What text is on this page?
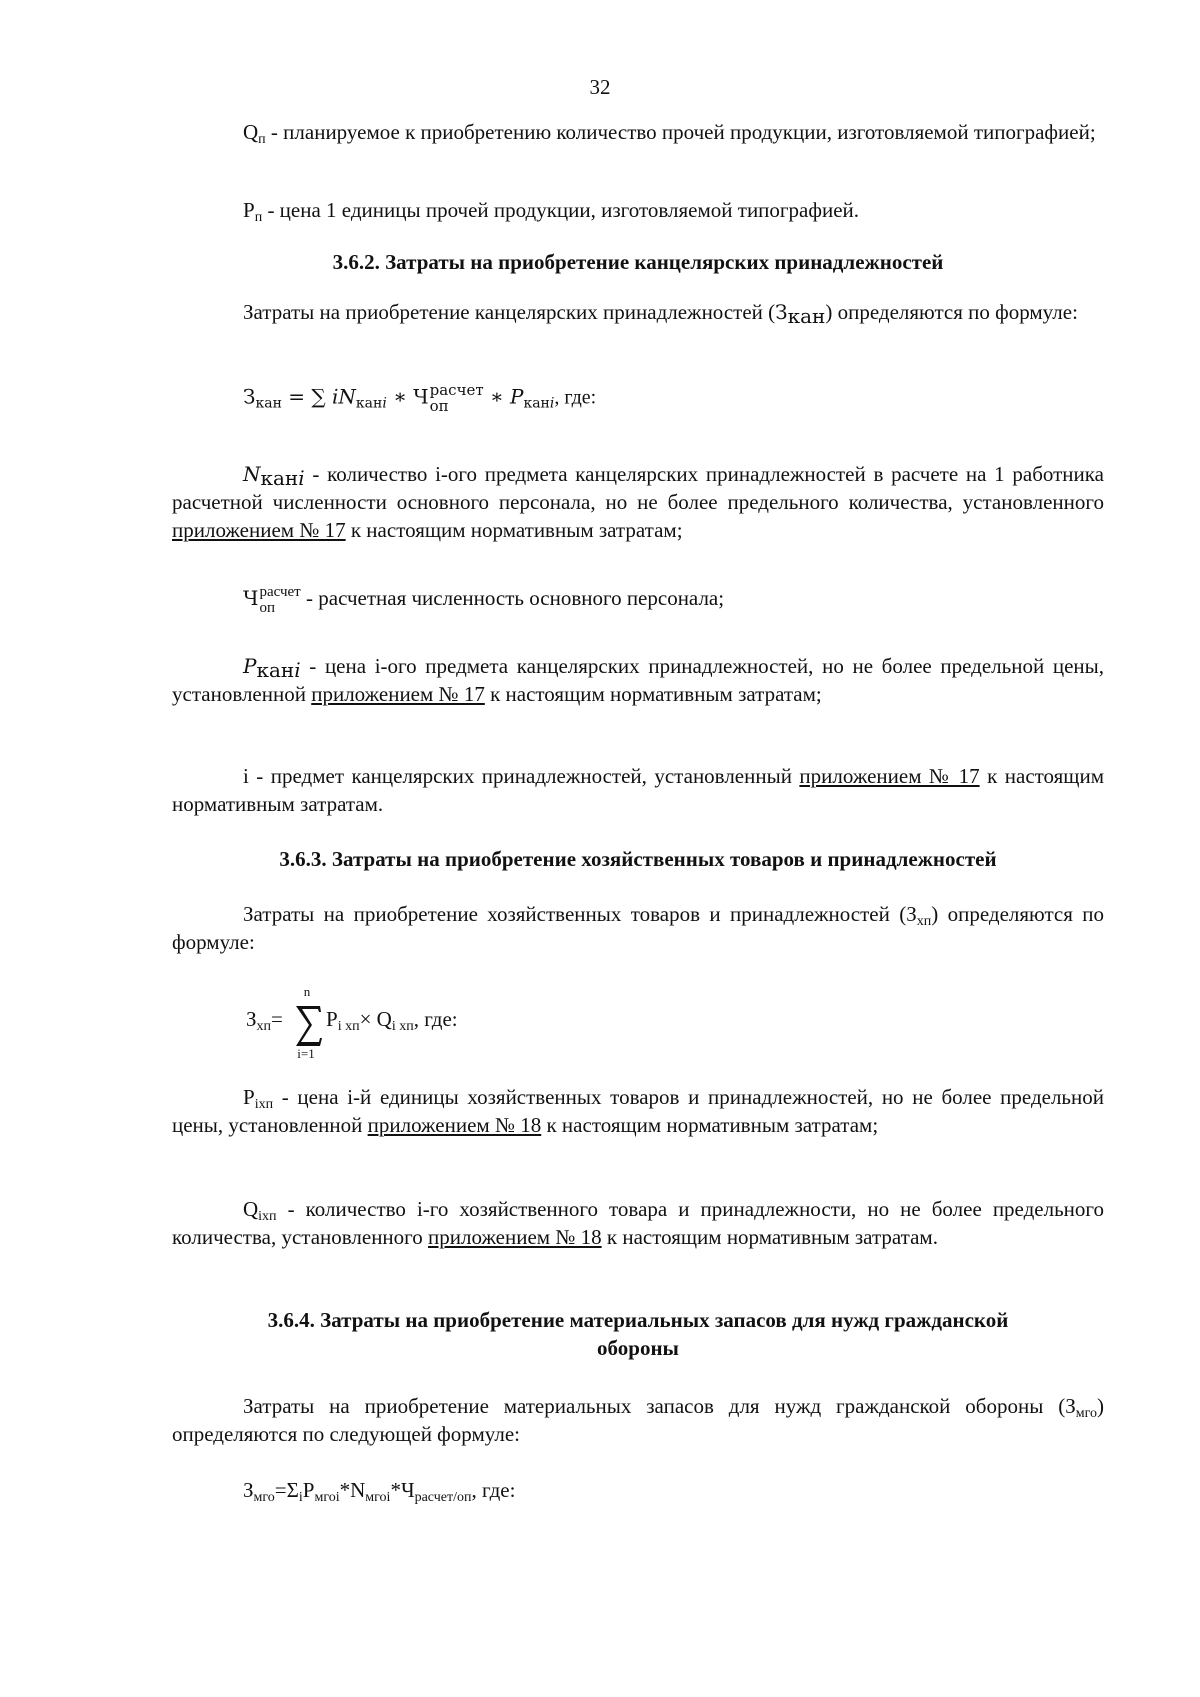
32

$Q_п$ - планируемое к приобретению количество прочей продукции, изготовляемой типографией;

$P_п$ - цена 1 единицы прочей продукции, изготовляемой типографией.

3.6.2. Затраты на приобретение канцелярских принадлежностей

Затраты на приобретение канцелярских принадлежностей $(З_{кан})$ определяются по формуле:

$З_{кан}$ = ∑ $iN_{канi}$ ∗ Ч расчет
оп	∗ $P_{канi}$, где:

$N_{канi}$ - количество i-ого предмета канцелярских принадлежностей в расчете на 1 работника расчетной численности основного персонала, но не более предельного количества, установленного приложением № 17 к настоящим нормативным затратам;

Ч расчет
оп	- расчетная численность основного персонала;

$P_{канi}$ - цена i-ого предмета канцелярских принадлежностей, но не более предельной цены, установленной приложением № 17 к настоящим нормативным затратам;

i - предмет канцелярских принадлежностей, установленный приложением № 17 к настоящим нормативным затратам.

3.6.3. Затраты на приобретение хозяйственных товаров и принадлежностей

Затраты на приобретение хозяйственных товаров и принадлежностей $(З_{хп})$ определяются по формуле:

$З_{хп}=$
n
i=1
$P_{i хп}\times Q_{i хп}$, где:

$P_{iхп}$ - цена i-й единицы хозяйственных товаров и принадлежностей, но не более предельной цены, установленной приложением № 18 к настоящим нормативным затратам;

$Q_{iхп}$ - количество i-го хозяйственного товара и принадлежности, но не более предельного количества, установленного приложением № 18 к настоящим нормативным затратам.

3.6.4. Затраты на приобретение материальных запасов для нужд гражданской
обороны

Затраты на приобретение материальных запасов для нужд гражданской обороны $(З_{мго})$ определяются по следующей формуле:

$З_{мго}=\Sigma_iP_{мгоi}*N_{мгоi}*Ч_{расчет/оп}$, где:
